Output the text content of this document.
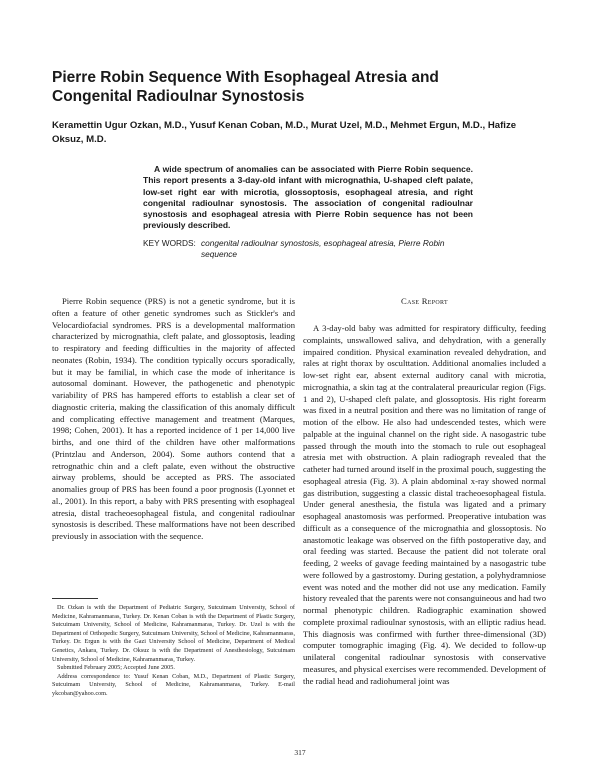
Pierre Robin Sequence With Esophageal Atresia and Congenital Radioulnar Synostosis
Keramettin Ugur Ozkan, M.D., Yusuf Kenan Coban, M.D., Murat Uzel, M.D., Mehmet Ergun, M.D., Hafize Oksuz, M.D.

A wide spectrum of anomalies can be associated with Pierre Robin sequence. This report presents a 3-day-old infant with micrognathia, U-shaped cleft palate, low-set right ear with microtia, glossoptosis, esophageal atresia, and right congenital radioulnar synostosis. The association of congenital radioulnar synostosis and esophageal atresia with Pierre Robin sequence has not been previously described.

KEY WORDS: congenital radioulnar synostosis, esophageal atresia, Pierre Robin sequence

Pierre Robin sequence (PRS) is not a genetic syndrome, but it is often a feature of other genetic syndromes such as Stickler's and Velocardiofacial syndromes. PRS is a developmental malformation characterized by micrognathia, cleft palate, and glossoptosis, leading to respiratory and feeding difficulties in the majority of affected neonates (Robin, 1934). The condition typically occurs sporadically, but it may be familial, in which case the mode of inheritance is autosomal dominant. However, the pathogenetic and phenotypic variability of PRS has hampered efforts to establish a clear set of diagnostic criteria, making the classification of this anomaly difficult and complicating effective management and treatment (Marques, 1998; Cohen, 2001). It has a reported incidence of 1 per 14,000 live births, and one third of the children have other malformations (Printzlau and Anderson, 2004). Some authors contend that a retrognathic chin and a cleft palate, even without the obstructive airway problems, should be accepted as PRS. The associated anomalies group of PRS has been found a poor prognosis (Lyonnet et al., 2001). In this report, a baby with PRS presenting with esophageal atresia, distal tracheoesophageal fistula, and congenital radioulnar synostosis is described. These malformations have not been described previously in association with the sequence.

Dr. Ozkan is with the Department of Pediatric Surgery, Sutcuimam University, School of Medicine, Kahramanmaras, Turkey. Dr. Kenan Coban is with the Department of Plastic Surgery, Sutcuimam University, School of Medicine, Kahramanmaras, Turkey. Dr. Uzel is with the Department of Orthopedic Surgery, Sutcuimam University, School of Medicine, Kahramanmaras, Turkey. Dr. Ergun is with the Gazi University School of Medicine, Department of Medical Genetics, Ankara, Turkey. Dr. Oksuz is with the Department of Anesthesiology, Sutcuimam University, School of Medicine, Kahramanmaras, Turkey.

Submitted February 2005; Accepted June 2005.

Address correspondence to: Yusuf Kenan Coban, M.D., Department of Plastic Surgery, Sutcuimam University, School of Medicine, Kahramanmaras, Turkey. E-mail ykcoban@yahoo.com.

Case Report

A 3-day-old baby was admitted for respiratory difficulty, feeding complaints, unswallowed saliva, and dehydration, with a generally impaired condition. Physical examination revealed dehydration, and rales at right thorax by osculttation. Additional anomalies included a low-set right ear, absent external auditory canal with microtia, micrognathia, a skin tag at the contralateral preauricular region (Figs. 1 and 2), U-shaped cleft palate, and glossoptosis. His right forearm was fixed in a neutral position and there was no limitation of range of motion of the elbow. He also had undescended testes, which were palpable at the inguinal channel on the right side. A nasogastric tube passed through the mouth into the stomach to rule out esophageal atresia met with obstruction. A plain radiograph revealed that the catheter had turned around itself in the proximal pouch, suggesting the esophageal atresia (Fig. 3). A plain abdominal x-ray showed normal gas distribution, suggesting a classic distal tracheoesophageal fistula. Under general anesthesia, the fistula was ligated and a primary esophageal anastomosis was performed. Preoperative intubation was difficult as a consequence of the micrognathia and glossoptosis. No anastomotic leakage was observed on the fifth postoperative day, and oral feeding was started. Because the patient did not tolerate oral feeding, 2 weeks of gavage feeding maintained by a nasogastric tube were followed by a gastrostomy. During gestation, a polyhydramniose event was noted and the mother did not use any medication. Family history revealed that the parents were not consanguineous and had two normal phenotypic children. Radiographic examination showed complete proximal radioulnar synostosis, with an elliptic radius head. This diagnosis was confirmed with further three-dimensional (3D) computer tomographic imaging (Fig. 4). We decided to follow-up unilateral congenital radioulnar synostosis with conservative measures, and physical exercises were recommended. Development of the radial head and radiohumeral joint was

317
